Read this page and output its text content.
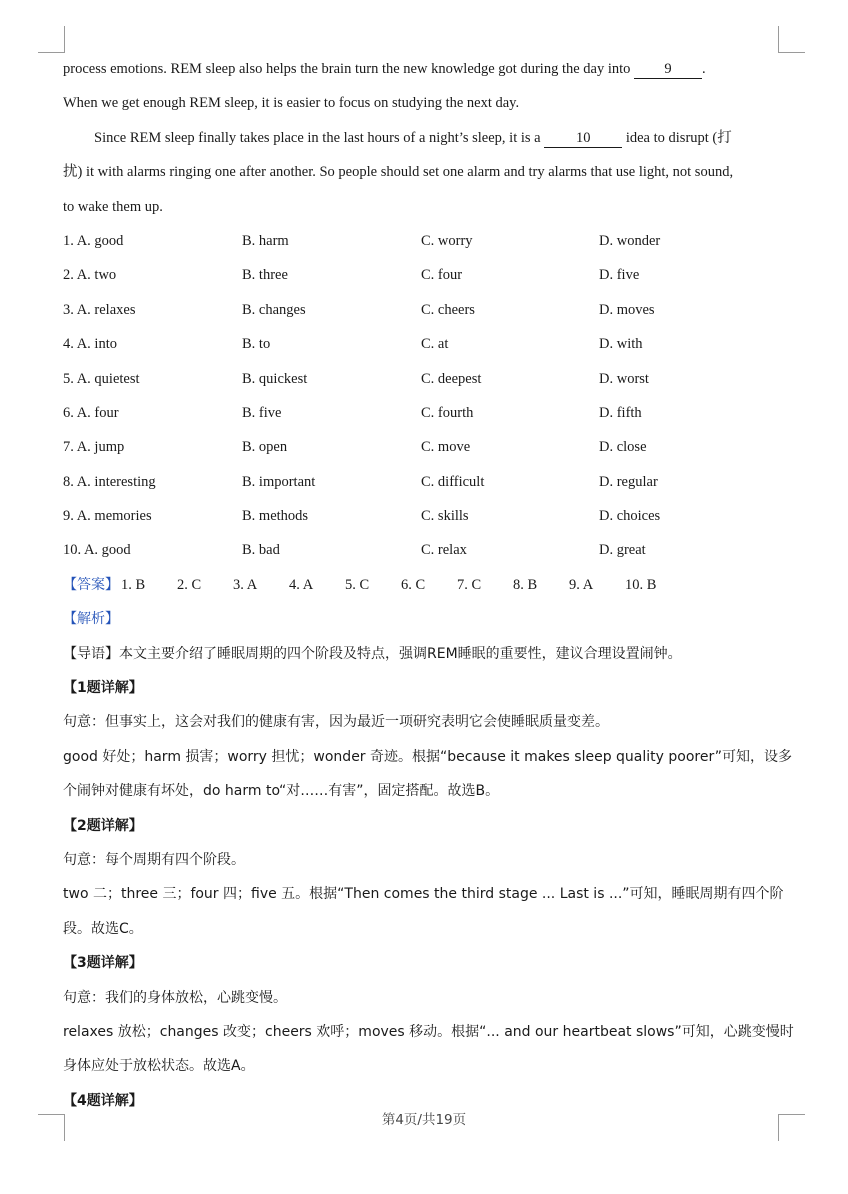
process emotions. REM sleep also helps the brain turn the new knowledge got during the day into 9 .
When we get enough REM sleep, it is easier to focus on studying the next day.
Since REM sleep finally takes place in the last hours of a night’s sleep, it is a 10 idea to disrupt (打
扰) it with alarms ringing one after another. So people should set one alarm and try alarms that use light, not sound,
to wake them up.
1. A. good	B. harm	C. worry	D. wonder
2. A. two	B. three	C. four	D. five
3. A. relaxes	B. changes	C. cheers	D. moves
4. A. into	B. to	C. at	D. with
5. A. quietest	B. quickest	C. deepest	D. worst
6. A. four	B. five	C. fourth	D. fifth
7. A. jump	B. open	C. move	D. close
8. A. interesting	B. important	C. difficult	D. regular
9. A. memories	B. methods	C. skills	D. choices
10. A. good	B. bad	C. relax	D. great
【答案】 1. B	2. C	3. A	4. A	5. C	6. C	7. C	8. B	9. A	10. B
【解析】
【导语】本文主要介绍了睡眠周期的四个阶段及特点，强调REM睡眠的重要性，建议合理设置闹钟。
【1题详解】
句意：但事实上，这会对我们的健康有害，因为最近一项研究表明它会使睡眠质量变差。
good 好处；harm 损害；worry 担忧；wonder 奇迹。根据“because it makes sleep quality poorer”可知，设多
个闹钟对健康有坏处，do harm to“对……有害”，固定搭配。故选B。
【2题详解】
句意：每个周期有四个阶段。
two 二；three 三；four 四；five 五。根据“Then comes the third stage ... Last is ...”可知，睡眠周期有四个阶
段。故选C。
【3题详解】
句意：我们的身体放松，心跳变慢。
relaxes 放松；changes 改变；cheers 欢呼；moves 移动。根据“... and our heartbeat slows”可知，心跳变慢时
身体应处于放松状态。故选A。
【4题详解】
第4页/共19页
